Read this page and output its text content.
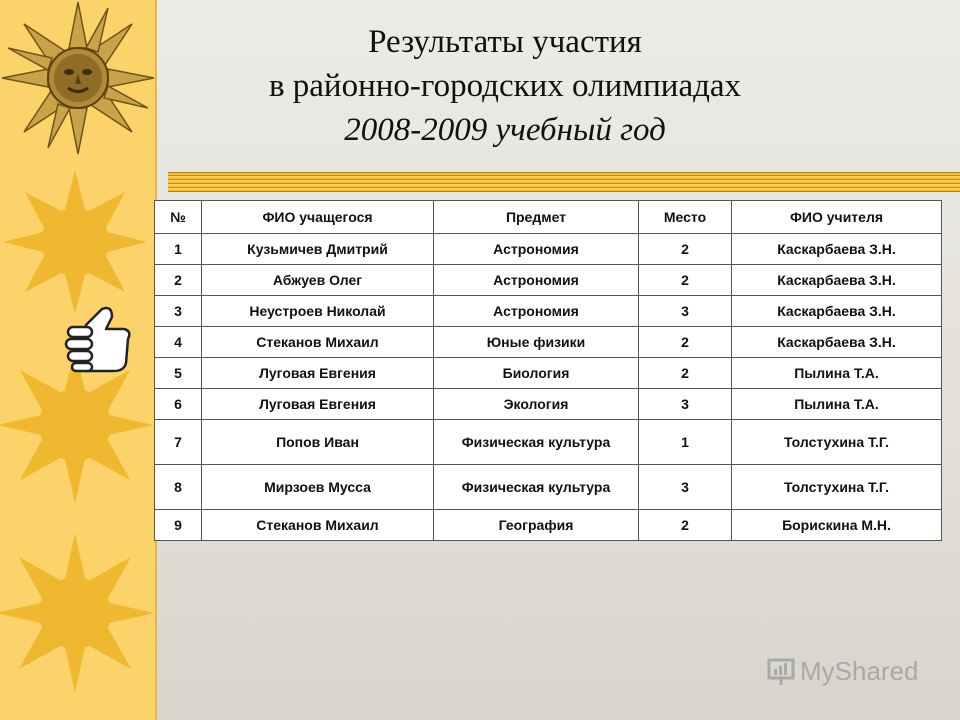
Результаты участия
в районно-городских олимпиадах
2008-2009 учебный год
№	ФИО учащегося	Предмет	Место	ФИО учителя
1	Кузьмичев Дмитрий	Астрономия	2	Каскарбаева З.Н.
2	Абжуев Олег	Астрономия	2	Каскарбаева З.Н.
3	Неустроев Николай	Астрономия	3	Каскарбаева З.Н.
4	Стеканов Михаил	Юные физики	2	Каскарбаева З.Н.
5	Луговая Евгения	Биология	2	Пылина Т.А.
6	Луговая Евгения	Экология	3	Пылина Т.А.
7	Попов Иван	Физическая культура	1	Толстухина Т.Г.
8	Мирзоев Мусса	Физическая культура	3	Толстухина Т.Г.
9	Стеканов Михаил	География	2	Борискина М.Н.
MyShared
